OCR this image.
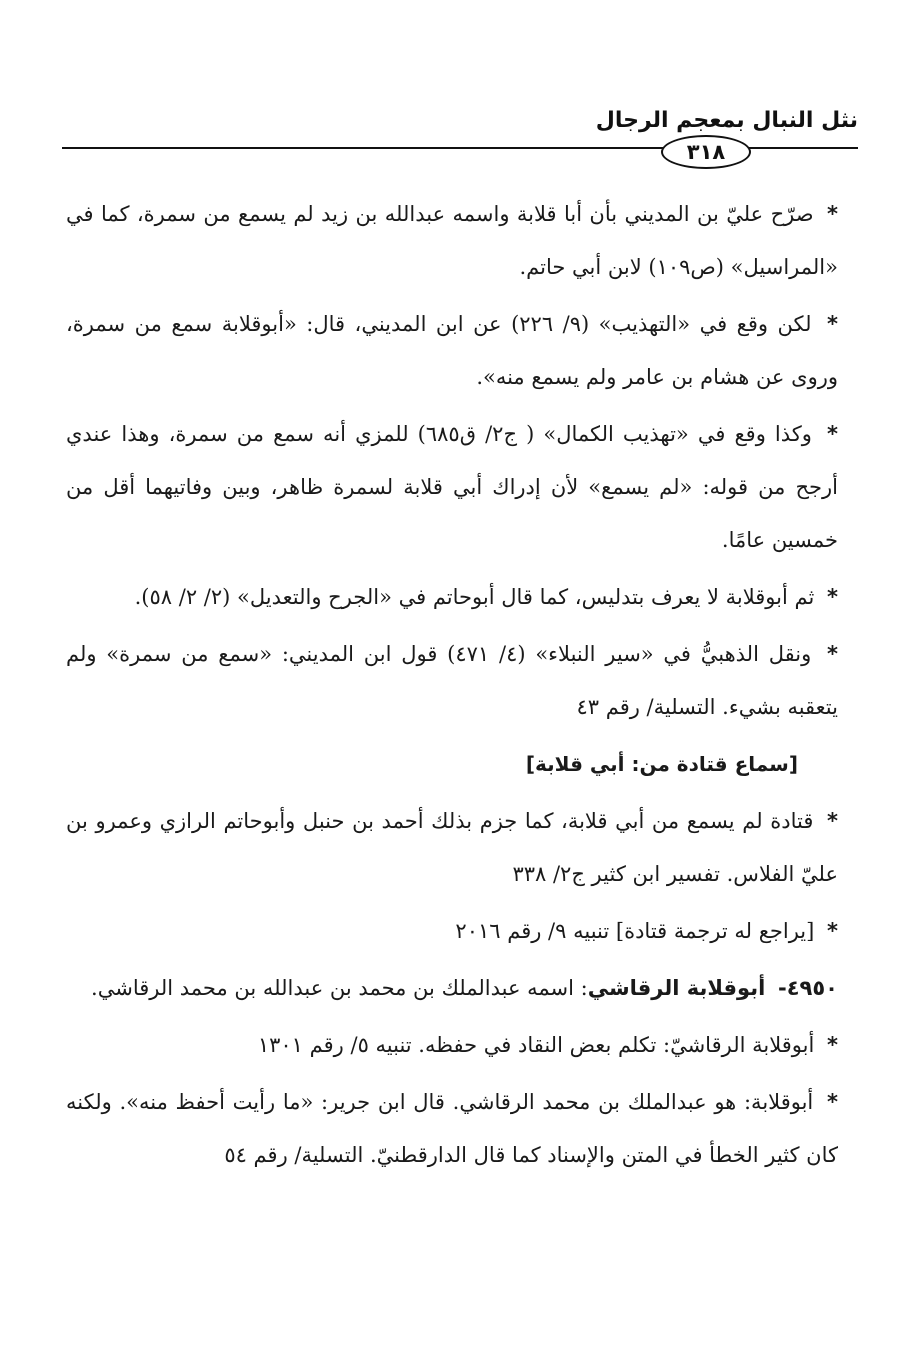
نثل النبال بمعجم الرجال
٣١٨

* صرّح عليّ بن المديني بأن أبا قلابة واسمه عبدالله بن زيد لم يسمع من سمرة، كما في «المراسيل» (ص١٠٩) لابن أبي حاتم.

* لكن وقع في «التهذيب» (٩/ ٢٢٦) عن ابن المديني، قال: «أبوقلابة سمع من سمرة، وروى عن هشام بن عامر ولم يسمع منه».

* وكذا وقع في «تهذيب الكمال» ( ج٢/ ق٦٨٥) للمزي أنه سمع من سمرة، وهذا عندي أرجح من قوله: «لم يسمع» لأن إدراك أبي قلابة لسمرة ظاهر، وبين وفاتيهما أقل من خمسين عامًا.

* ثم أبوقلابة لا يعرف بتدليس، كما قال أبوحاتم في «الجرح والتعديل» (٢/ ٢/ ٥٨).

* ونقل الذهبيُّ في «سير النبلاء» (٤/ ٤٧١) قول ابن المديني: «سمع من سمرة» ولم يتعقبه بشيء. التسلية/ رقم ٤٣

[سماع قتادة من: أبي قلابة]

* قتادة لم يسمع من أبي قلابة، كما جزم بذلك أحمد بن حنبل وأبوحاتم الرازي وعمرو بن عليّ الفلاس. تفسير ابن كثير ج٢/ ٣٣٨

* [يراجع له ترجمة قتادة] تنبيه ٩/ رقم ٢٠١٦

٤٩٥٠- أبوقلابة الرقاشي: اسمه عبدالملك بن محمد بن عبدالله بن محمد الرقاشي.

* أبوقلابة الرقاشيّ: تكلم بعض النقاد في حفظه. تنبيه ٥/ رقم ١٣٠١

* أبوقلابة: هو عبدالملك بن محمد الرقاشي. قال ابن جرير: «ما رأيت أحفظ منه». ولكنه كان كثير الخطأ في المتن والإسناد كما قال الدارقطنيّ. التسلية/ رقم ٥٤
